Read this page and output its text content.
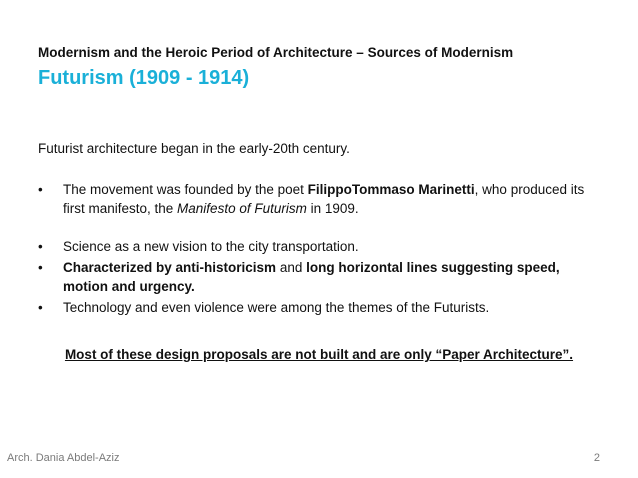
Modernism and the Heroic Period of Architecture – Sources of Modernism
Futurism (1909 - 1914)
Futurist architecture began in the early-20th century.
• The movement was founded by the poet FilippoTommaso Marinetti, who produced its first manifesto, the Manifesto of Futurism in 1909.
• Science as a new vision to the city transportation.
• Characterized by anti-historicism and long horizontal lines suggesting speed, motion and urgency.
• Technology and even violence were among the themes of the Futurists.
Most of these design proposals are not built and are only “Paper Architecture”.
Arch. Dania Abdel-Aziz	2
